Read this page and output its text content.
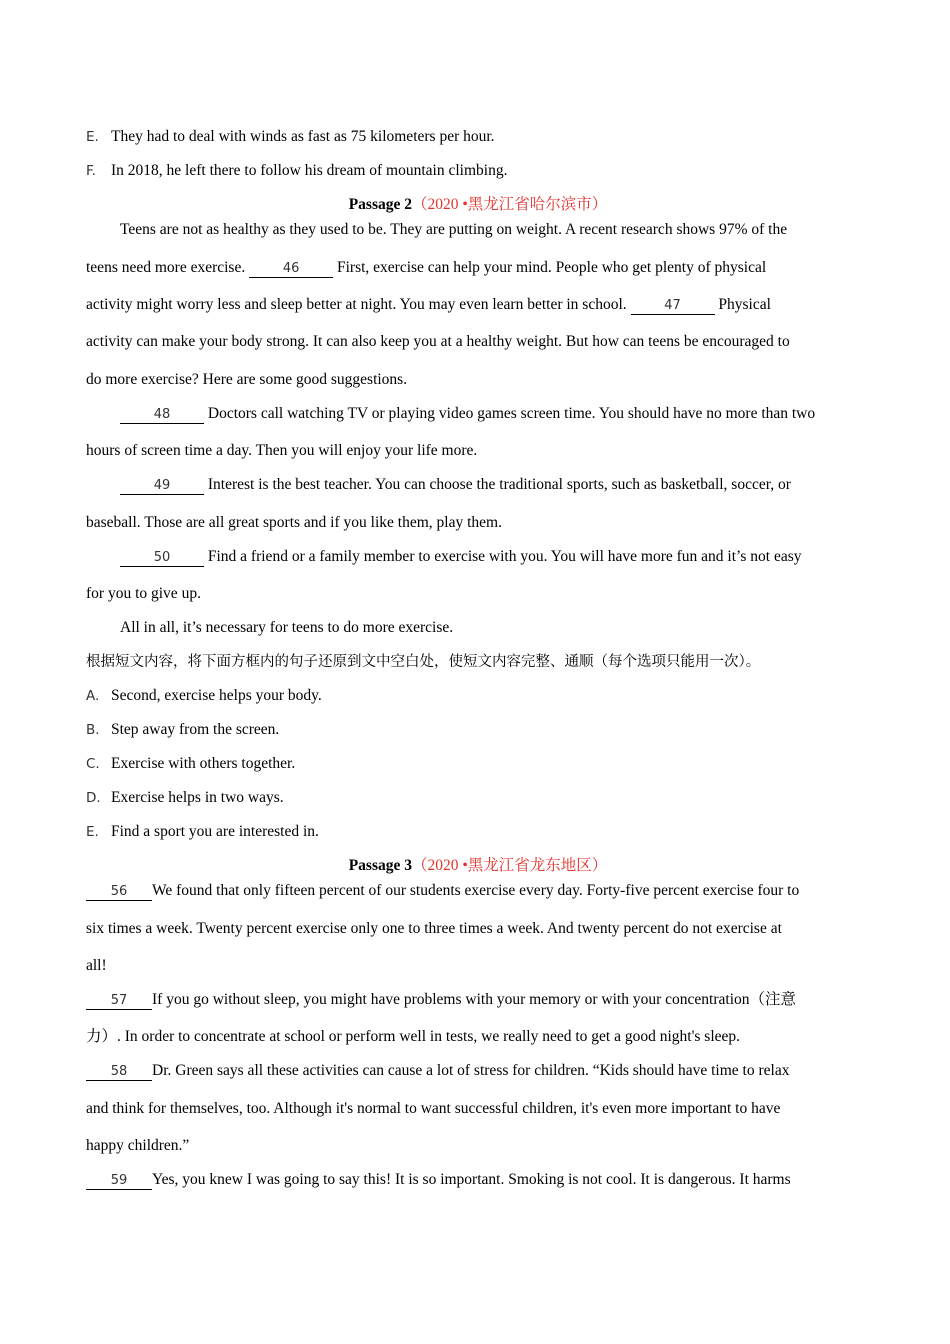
E. They had to deal with winds as fast as 75 kilometers per hour.
F. In 2018, he left there to follow his dream of mountain climbing.
Passage 2（2020 •黑龙江省哈尔滨市）
Teens are not as healthy as they used to be. They are putting on weight. A recent research shows 97% of the
teens need more exercise.	46 First, exercise can help your mind. People who get plenty of physical
activity might worry less and sleep better at night. You may even learn better in school.	47 Physical
activity can make your body strong. It can also keep you at a healthy weight. But how can teens be encouraged to
do more exercise? Here are some good suggestions.
48 Doctors call watching TV or playing video games screen time. You should have no more than two
hours of screen time a day. Then you will enjoy your life more.
49 Interest is the best teacher. You can choose the traditional sports, such as basketball, soccer, or
baseball. Those are all great sports and if you like them, play them.
50 Find a friend or a family member to exercise with you. You will have more fun and it’s not easy
for you to give up.
All in all, it’s necessary for teens to do more exercise.
根据短文内容，将下面方框内的句子还原到文中空白处，使短文内容完整、通顺（每个选项只能用一次）。
A. Second, exercise helps your body.
B. Step away from the screen.
C. Exercise with others together.
D. Exercise helps in two ways.
E. Find a sport you are interested in.
Passage 3（2020 •黑龙江省龙东地区）
56 We found that only fifteen percent of our students exercise every day. Forty-five percent exercise four to
six times a week. Twenty percent exercise only one to three times a week. And twenty percent do not exercise at
all!
57 If you go without sleep, you might have problems with your memory or with your concentration（注意
力）. In order to concentrate at school or perform well in tests, we really need to get a good night's sleep.
58 Dr. Green says all these activities can cause a lot of stress for children. “Kids should have time to relax
and think for themselves, too. Although it's normal to want successful children, it's even more important to have
happy children.”
59 Yes, you knew I was going to say this! It is so important. Smoking is not cool. It is dangerous. It harms
